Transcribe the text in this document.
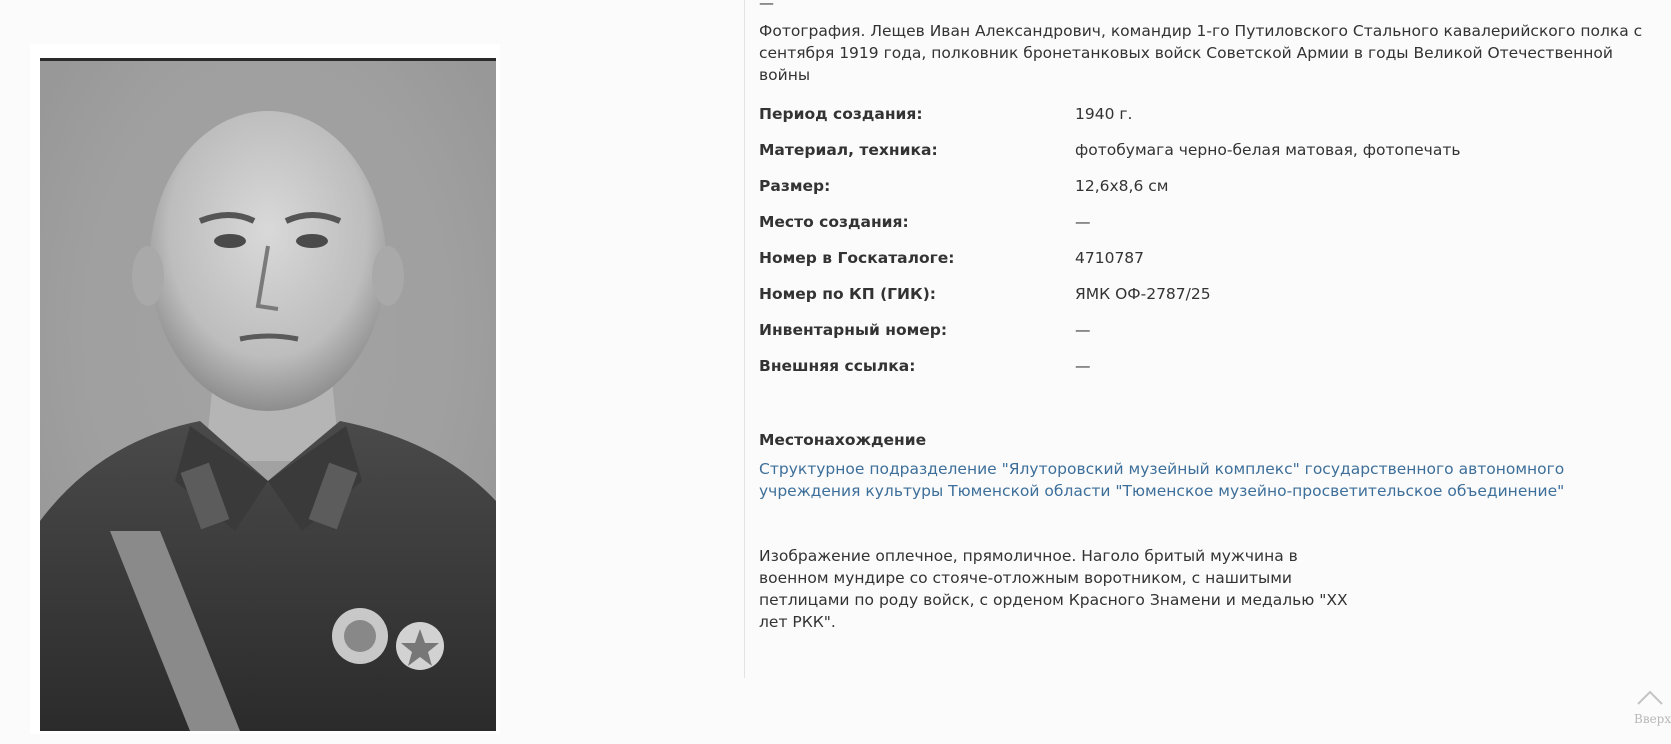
—
Фотография. Лещев Иван Александрович, командир 1-го Путиловского Стального кавалерийского полка с сентября 1919 года, полковник бронетанковых войск Советской Армии в годы Великой Отечественной войны
Период создания:	1940 г.
Материал, техника:	фотобумага черно-белая матовая, фотопечать
Размер:	12,6х8,6 см
Место создания:	—
Номер в Госкаталоге:	4710787
Номер по КП (ГИК):	ЯМК ОФ-2787/25
Инвентарный номер:	—
Внешняя ссылка:	—
Местонахождение
Структурное подразделение "Ялуторовский музейный комплекс" государственного автономного учреждения культуры Тюменской области "Тюменское музейно-просветительское объединение"
Изображение оплечное, прямоличное. Наголо бритый мужчина в военном мундире со стояче-отложным воротником, с нашитыми петлицами по роду войск, с орденом Красного Знамени и медалью "XX лет РКК".
Вверх
